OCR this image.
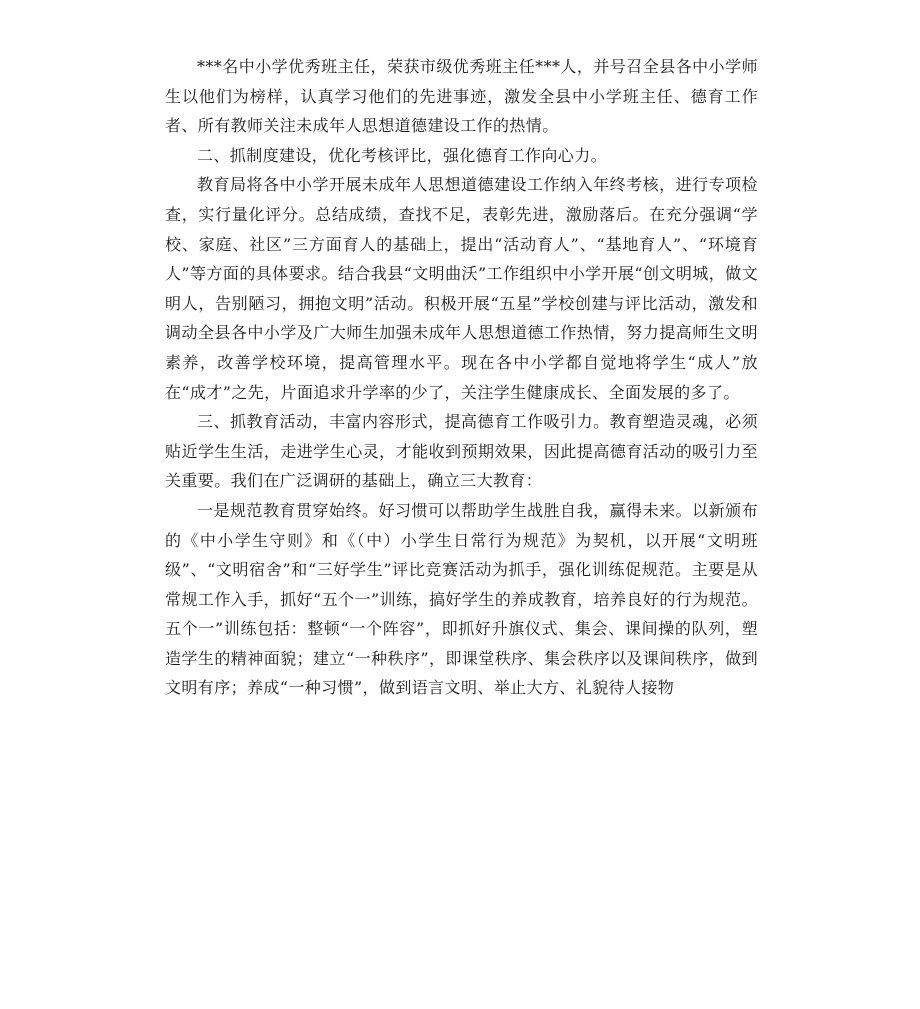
***名中小学优秀班主任，荣获市级优秀班主任***人，并号召全县各中小学师生以他们为榜样，认真学习他们的先进事迹，激发全县中小学班主任、德育工作者、所有教师关注未成年人思想道德建设工作的热情。

二、抓制度建设，优化考核评比，强化德育工作向心力。

教育局将各中小学开展未成年人思想道德建设工作纳入年终考核，进行专项检查，实行量化评分。总结成绩，查找不足，表彰先进，激励落后。在充分强调“学校、家庭、社区”三方面育人的基础上，提出“活动育人”、“基地育人”、“环境育人”等方面的具体要求。结合我县“文明曲沃”工作组织中小学开展“创文明城，做文明人，告别陋习，拥抱文明”活动。积极开展“五星”学校创建与评比活动，激发和调动全县各中小学及广大师生加强未成年人思想道德工作热情，努力提高师生文明素养，改善学校环境，提高管理水平。现在各中小学都自觉地将学生“成人”放在“成才”之先，片面追求升学率的少了，关注学生健康成长、全面发展的多了。

三、抓教育活动，丰富内容形式，提高德育工作吸引力。教育塑造灵魂，必须贴近学生生活，走进学生心灵，才能收到预期效果，因此提高德育活动的吸引力至关重要。我们在广泛调研的基础上，确立三大教育：

一是规范教育贯穿始终。好习惯可以帮助学生战胜自我，赢得未来。以新颁布的《中小学生守则》和《（中）小学生日常行为规范》为契机，以开展“文明班级”、“文明宿舍”和“三好学生”评比竞赛活动为抓手，强化训练促规范。主要是从常规工作入手，抓好“五个一”训练，搞好学生的养成教育，培养良好的行为规范。五个一”训练包括：整顿“一个阵容”，即抓好升旗仪式、集会、课间操的队列，塑造学生的精神面貌；建立“一种秩序”，即课堂秩序、集会秩序以及课间秩序，做到文明有序；养成“一种习惯”，做到语言文明、举止大方、礼貌待人接物
